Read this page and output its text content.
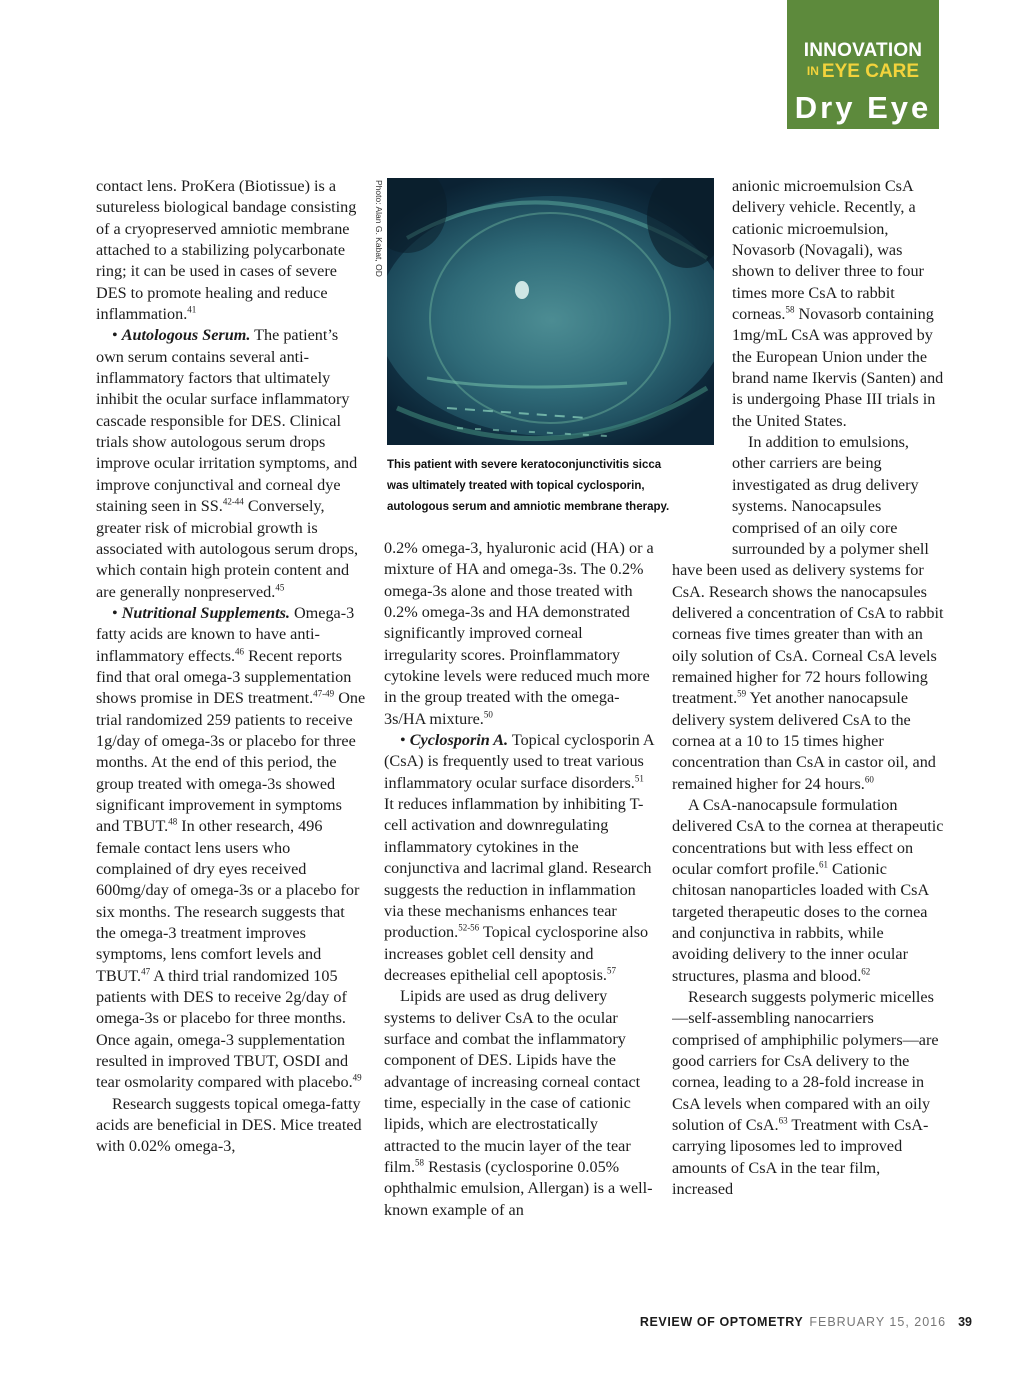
INNOVATION
IN EYE CARE
Dry Eye

contact lens. ProKera (Biotissue) is a sutureless biological bandage consisting of a cryopreserved amniotic membrane attached to a stabilizing polycarbonate ring; it can be used in cases of severe DES to promote healing and reduce inflammation.$^{41}$

• Autologous Serum. The patient’s own serum contains several anti-inflammatory factors that ultimately inhibit the ocular surface inflammatory cascade responsible for DES. Clinical trials show autologous serum drops improve ocular irritation symptoms, and improve conjunctival and corneal dye staining seen in SS.$^{42-44}$ Conversely, greater risk of microbial growth is associated with autologous serum drops, which contain high protein content and are generally nonpreserved.$^{45}$

• Nutritional Supplements. Omega-3 fatty acids are known to have anti-inflammatory effects.$^{46}$ Recent reports find that oral omega-3 supplementation shows promise in DES treatment.$^{47-49}$ One trial randomized 259 patients to receive 1g/day of omega-3s or placebo for three months. At the end of this period, the group treated with omega-3s showed significant improvement in symptoms and TBUT.$^{48}$ In other research, 496 female contact lens users who complained of dry eyes received 600mg/day of omega-3s or a placebo for six months. The research suggests that the omega-3 treatment improves symptoms, lens comfort levels and TBUT.$^{47}$ A third trial randomized 105 patients with DES to receive 2g/day of omega-3s or placebo for three months. Once again, omega-3 supplementation resulted in improved TBUT, OSDI and tear osmolarity compared with placebo.$^{49}$

Research suggests topical omega-fatty acids are beneficial in DES. Mice treated with 0.02% omega-3,

Photo: Alan G. Kabat, OD
This patient with severe keratoconjunctivitis sicca
was ultimately treated with topical cyclosporin,
autologous serum and amniotic membrane therapy.

0.2% omega-3, hyaluronic acid (HA) or a mixture of HA and omega-3s. The 0.2% omega-3s alone and those treated with 0.2% omega-3s and HA demonstrated significantly improved corneal irregularity scores. Proinflammatory cytokine levels were reduced much more in the group treated with the omega-3s/HA mixture.$^{50}$

• Cyclosporin A. Topical cyclosporin A (CsA) is frequently used to treat various inflammatory ocular surface disorders.$^{51}$ It reduces inflammation by inhibiting T-cell activation and downregulating inflammatory cytokines in the conjunctiva and lacrimal gland. Research suggests the reduction in inflammation via these mechanisms enhances tear production.$^{52-56}$ Topical cyclosporine also increases goblet cell density and decreases epithelial cell apoptosis.$^{57}$

Lipids are used as drug delivery systems to deliver CsA to the ocular surface and combat the inflammatory component of DES. Lipids have the advantage of increasing corneal contact time, especially in the case of cationic lipids, which are electrostatically attracted to the mucin layer of the tear film.$^{58}$ Restasis (cyclosporine 0.05% ophthalmic emulsion, Allergan) is a well-known example of an

anionic microemulsion CsA delivery vehicle. Recently, a cationic microemulsion, Novasorb (Novagali), was shown to deliver three to four times more CsA to rabbit corneas.$^{58}$ Novasorb containing 1mg/mL CsA was approved by the European Union under the brand name Ikervis (Santen) and is undergoing Phase III trials in the United States.

In addition to emulsions, other carriers are being investigated as drug delivery systems. Nanocapsules comprised of an oily core surrounded by a polymer shell have been used as delivery systems for CsA. Research shows the nanocapsules delivered a concentration of CsA to rabbit corneas five times greater than with an oily solution of CsA. Corneal CsA levels remained higher for 72 hours following treatment.$^{59}$ Yet another nanocapsule delivery system delivered CsA to the cornea at a 10 to 15 times higher concentration than CsA in castor oil, and remained higher for 24 hours.$^{60}$

A CsA-nanocapsule formulation delivered CsA to the cornea at therapeutic concentrations but with less effect on ocular comfort profile.$^{61}$ Cationic chitosan nanoparticles loaded with CsA targeted therapeutic doses to the cornea and conjunctiva in rabbits, while avoiding delivery to the inner ocular structures, plasma and blood.$^{62}$

Research suggests polymeric micelles—self-assembling nanocarriers comprised of amphiphilic polymers—are good carriers for CsA delivery to the cornea, leading to a 28-fold increase in CsA levels when compared with an oily solution of CsA.$^{63}$ Treatment with CsA-carrying liposomes led to improved amounts of CsA in the tear film, increased

REVIEW OF OPTOMETRY FEBRUARY 15, 2016 39
